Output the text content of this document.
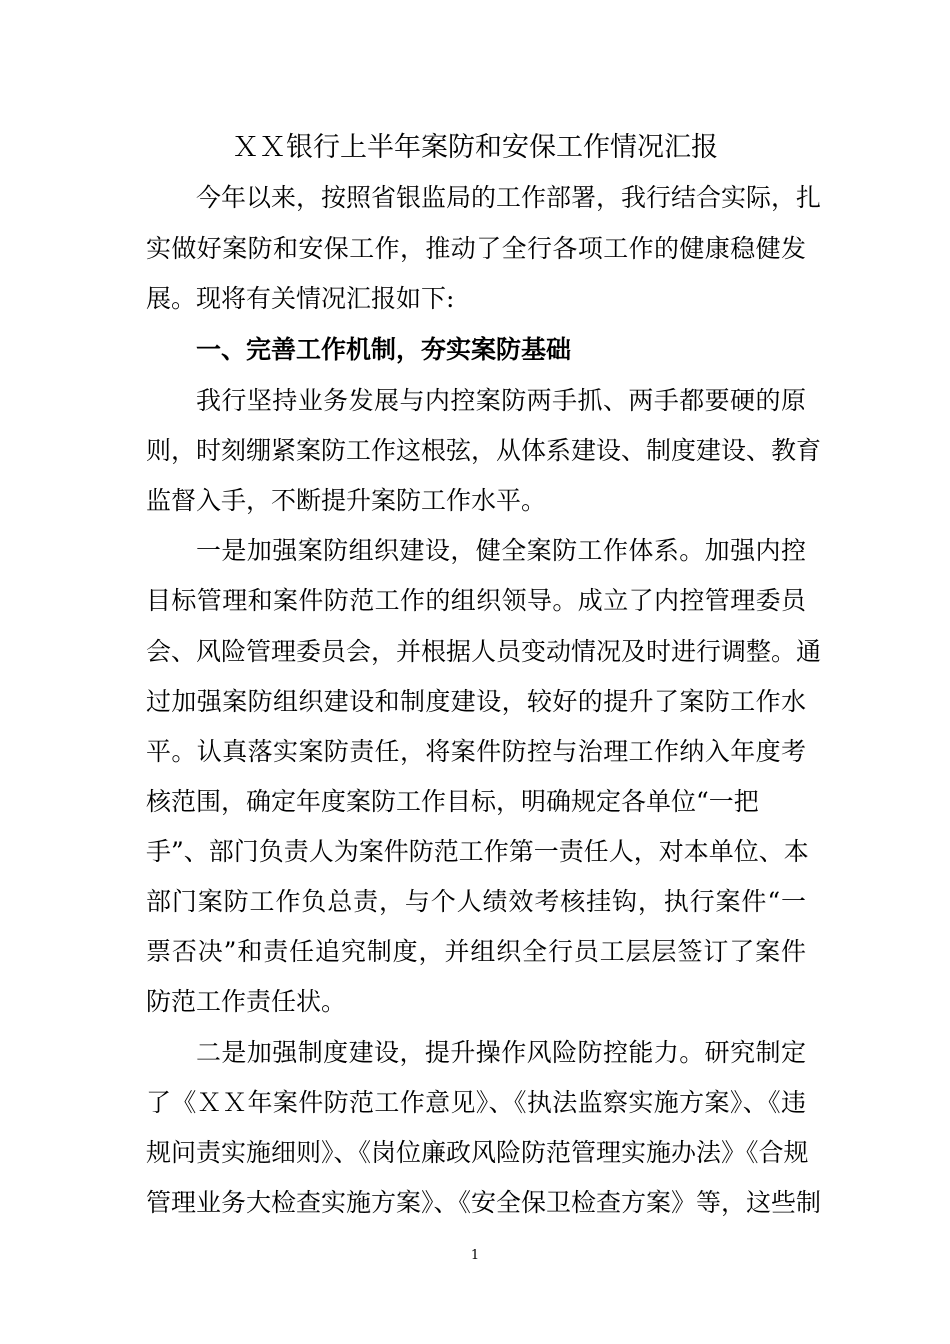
ＸＸ银行上半年案防和安保工作情况汇报
今年以来，按照省银监局的工作部署，我行结合实际，扎
实做好案防和安保工作，推动了全行各项工作的健康稳健发
展。现将有关情况汇报如下:
一、完善工作机制，夯实案防基础
我行坚持业务发展与内控案防两手抓、两手都要硬的原
则，时刻绷紧案防工作这根弦，从体系建设、制度建设、教育
监督入手，不断提升案防工作水平。
一是加强案防组织建设，健全案防工作体系。加强内控
目标管理和案件防范工作的组织领导。成立了内控管理委员
会、风险管理委员会，并根据人员变动情况及时进行调整。通
过加强案防组织建设和制度建设，较好的提升了案防工作水
平。认真落实案防责任，将案件防控与治理工作纳入年度考
核范围，确定年度案防工作目标，明确规定各单位“一把
手”、部门负责人为案件防范工作第一责任人，对本单位、本
部门案防工作负总责，与个人绩效考核挂钩，执行案件“一
票否决”和责任追究制度，并组织全行员工层层签订了案件
防范工作责任状。
二是加强制度建设，提升操作风险防控能力。研究制定
了《ＸＸ年案件防范工作意见》、《执法监察实施方案》、《违
规问责实施细则》、《岗位廉政风险防范管理实施办法》《合规
管理业务大检查实施方案》、《安全保卫检查方案》等，这些制
1
